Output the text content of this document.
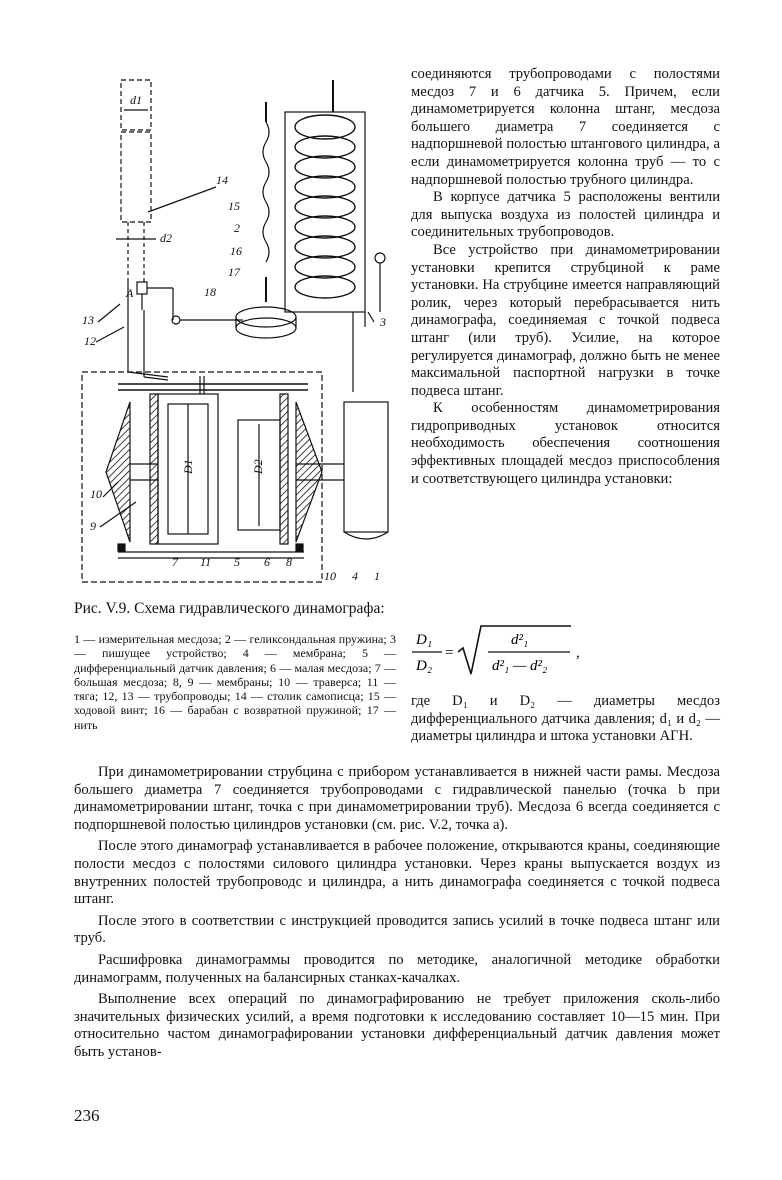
d1
d2
D1	D2
A
14
15
2
16
17
18
13
12
3
10
9
7 11 5 6 8
10 4 1

соединяются трубопроводами с полостями месдоз 7 и 6 датчика 5. Причем, если динамометрируется колонна штанг, месдоза большего диаметра 7 соединяется с надпоршневой полостью штангового цилиндра, а если динамометрируется колонна труб — то с надпоршневой полостью трубного цилиндра.

В корпусе датчика 5 расположены вентили для выпуска воздуха из полостей цилиндра и соединительных трубопроводов.

Все устройство при динамометрировании установки крепится струбциной к раме установки. На струбцине имеется направляющий ролик, через который перебрасывается нить динамографа, соединяемая с точкой подвеса штанг (или труб). Усилие, на которое регулируется динамограф, должно быть не менее максимальной паспортной нагрузки в точке подвеса штанг.

К особенностям динамометрирования гидроприводных установок относится необходимость обеспечения соотношения эффективных площадей месдоз приспособления и соответствующего цилиндра установки:

Рис. V.9. Схема гидравлического динамографа:
1 — измерительная месдоза; 2 — геликсондальная пружина; 3 — пишущее устройство; 4 — мембрана; 5 — дифференциальный датчик давления; 6 — малая месдоза; 7 — большая месдоза; 8, 9 — мембраны; 10 — траверса; 11 — тяга; 12, 13 — трубопроводы; 14 — столик самописца; 15 — ходовой винт; 16 — барабан с возвратной пружиной; 17 — нить
D₁
D₂
=
d²₁
d²₁ — d²₂
,
где D₁ и D₂ — диаметры месдоз дифференциального датчика давления; d₁ и d₂ — диаметры цилиндра и штока установки АГН.

При динамометрировании струбцина с прибором устанавливается в нижней части рамы. Месдоза большего диаметра 7 соединяется трубопроводами с гидравлической панелью (точка b при динамометрировании штанг, точка c при динамометрировании труб). Месдоза 6 всегда соединяется с подпоршневой полостью цилиндров установки (см. рис. V.2, точка a).

После этого динамограф устанавливается в рабочее положение, открываются краны, соединяющие полости месдоз с полостями силового цилиндра установки. Через краны выпускается воздух из внутренних полостей трубопроводс и цилиндра, а нить динамографа соединяется с точкой подвеса штанг.

После этого в соответствии с инструкцией проводится запись усилий в точке подвеса штанг или труб.

Расшифровка динамограммы проводится по методике, аналогичной методике обработки динамограмм, полученных на балансирных станках-качалках.

Выполнение всех операций по динамографированию не требует приложения сколь-либо значительных физических усилий, а время подготовки к исследованию составляет 10—15 мин. При относительно частом динамографировании установки дифференциальный датчик давления может быть установ-

236
